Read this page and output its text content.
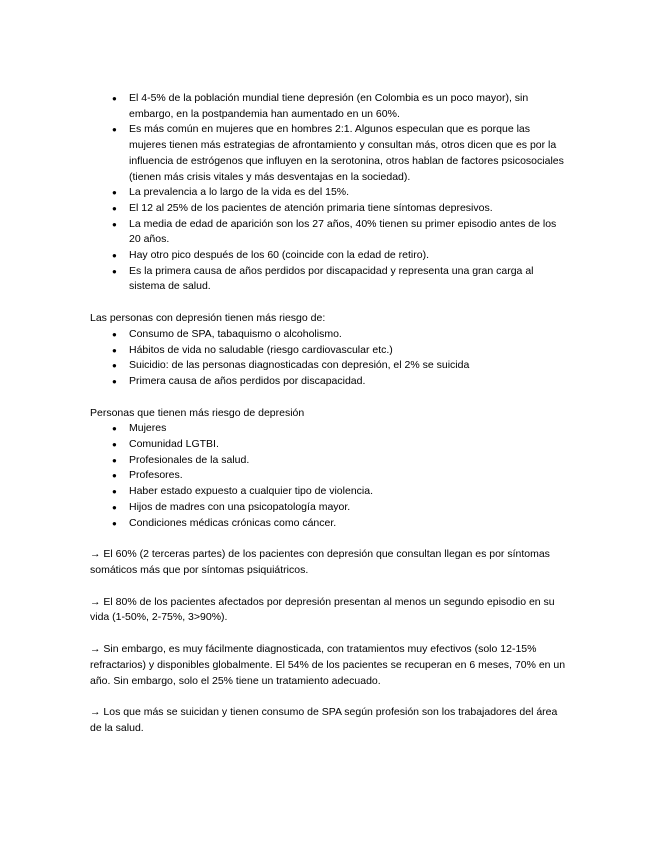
● El 4-5% de la población mundial tiene depresión (en Colombia es un poco mayor), sin embargo, en la postpandemia han aumentado en un 60%.
● Es más común en mujeres que en hombres 2:1. Algunos especulan que es porque las mujeres tienen más estrategias de afrontamiento y consultan más, otros dicen que es por la influencia de estrógenos que influyen en la serotonina, otros hablan de factores psicosociales (tienen más crisis vitales y más desventajas en la sociedad).
● La prevalencia a lo largo de la vida es del 15%.
● El 12 al 25% de los pacientes de atención primaria tiene síntomas depresivos.
● La media de edad de aparición son los 27 años, 40% tienen su primer episodio antes de los 20 años.
● Hay otro pico después de los 60 (coincide con la edad de retiro).
● Es la primera causa de años perdidos por discapacidad y representa una gran carga al sistema de salud.

Las personas con depresión tienen más riesgo de:

● Consumo de SPA, tabaquismo o alcoholismo.
● Hábitos de vida no saludable (riesgo cardiovascular etc.)
● Suicidio: de las personas diagnosticadas con depresión, el 2% se suicida
● Primera causa de años perdidos por discapacidad.

Personas que tienen más riesgo de depresión

● Mujeres
● Comunidad LGTBI.
● Profesionales de la salud.
● Profesores.
● Haber estado expuesto a cualquier tipo de violencia.
● Hijos de madres con una psicopatología mayor.
● Condiciones médicas crónicas como cáncer.

→ El 60% (2 terceras partes) de los pacientes con depresión que consultan llegan es por síntomas somáticos más que por síntomas psiquiátricos.

→ El 80% de los pacientes afectados por depresión presentan al menos un segundo episodio en su vida (1-50%, 2-75%, 3>90%).

→ Sin embargo, es muy fácilmente diagnosticada, con tratamientos muy efectivos (solo 12-15% refractarios) y disponibles globalmente. El 54% de los pacientes se recuperan en 6 meses, 70% en un año. Sin embargo, solo el 25% tiene un tratamiento adecuado.

→ Los que más se suicidan y tienen consumo de SPA según profesión son los trabajadores del área de la salud.
